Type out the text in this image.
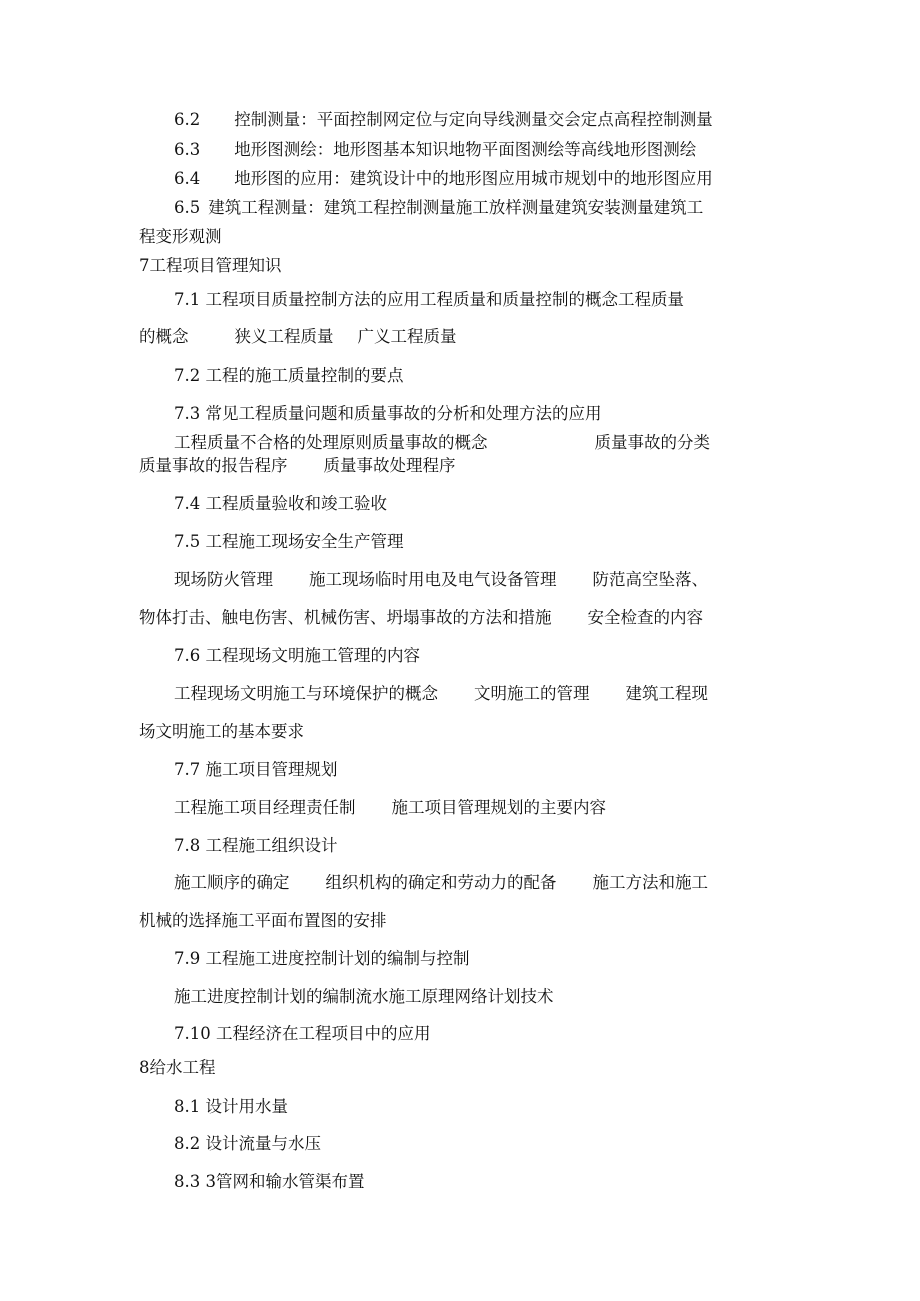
6.2 控制测量：平面控制网定位与定向导线测量交会定点高程控制测量
6.3 地形图测绘：地形图基本知识地物平面图测绘等高线地形图测绘
6.4 地形图的应用：建筑设计中的地形图应用城市规划中的地形图应用
6.5 建筑工程测量：建筑工程控制测量施工放样测量建筑安装测量建筑工
程变形观测
7工程项目管理知识
7.1 工程项目质量控制方法的应用工程质量和质量控制的概念工程质量
的概念	狭义工程质量 广义工程质量
7.2 工程的施工质量控制的要点
7.3 常见工程质量问题和质量事故的分析和处理方法的应用
工程质量不合格的处理原则质量事故的概念	质量事故的分类
质量事故的报告程序 质量事故处理程序
7.4 工程质量验收和竣工验收
7.5 工程施工现场安全生产管理
现场防火管理 施工现场临时用电及电气设备管理 防范高空坠落、
物体打击、触电伤害、机械伤害、坍塌事故的方法和措施 安全检查的内容
7.6 工程现场文明施工管理的内容
工程现场文明施工与环境保护的概念 文明施工的管理 建筑工程现
场文明施工的基本要求
7.7 施工项目管理规划
工程施工项目经理责任制 施工项目管理规划的主要内容
7.8 工程施工组织设计
施工顺序的确定 组织机构的确定和劳动力的配备 施工方法和施工
机械的选择施工平面布置图的安排
7.9 工程施工进度控制计划的编制与控制
施工进度控制计划的编制流水施工原理网络计划技术
7.10 工程经济在工程项目中的应用
8给水工程
8.1 设计用水量
8.2 设计流量与水压
8.3 3管网和输水管渠布置
